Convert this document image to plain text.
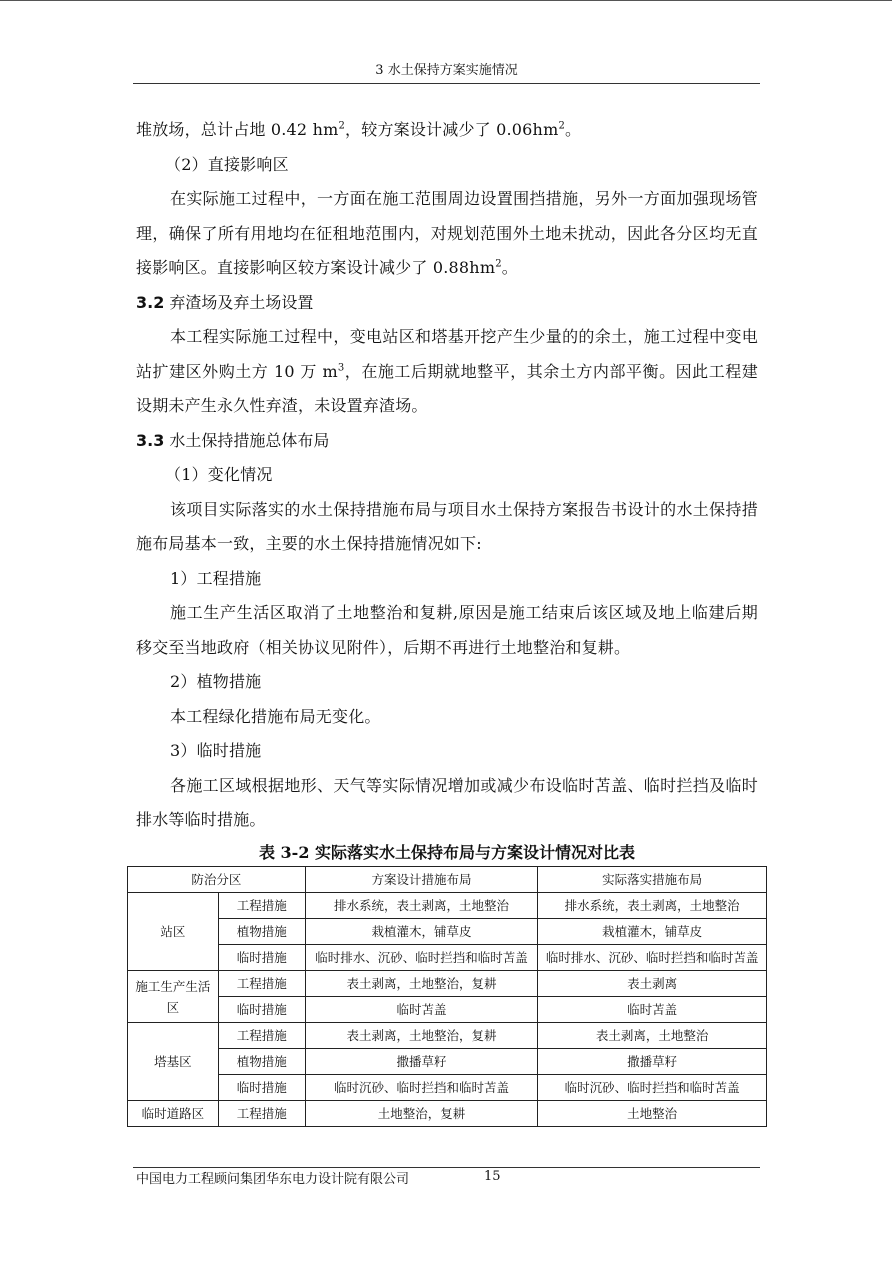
3 水土保持方案实施情况

堆放场，总计占地 0.42 $hm^2$，较方案设计减少了 $0.06hm^2$。

（2）直接影响区

在实际施工过程中，一方面在施工范围周边设置围挡措施，另外一方面加强现场管理，确保了所有用地均在征租地范围内，对规划范围外土地未扰动，因此各分区均无直接影响区。直接影响区较方案设计减少了 $0.88hm^2$。

3.2 弃渣场及弃土场设置

本工程实际施工过程中，变电站区和塔基开挖产生少量的的余土，施工过程中变电站扩建区外购土方 10 万 $m^3$，在施工后期就地整平，其余土方内部平衡。因此工程建设期未产生永久性弃渣，未设置弃渣场。

3.3 水土保持措施总体布局

（1）变化情况

该项目实际落实的水土保持措施布局与项目水土保持方案报告书设计的水土保持措施布局基本一致，主要的水土保持措施情况如下:

1）工程措施

施工生产生活区取消了土地整治和复耕,原因是施工结束后该区域及地上临建后期移交至当地政府（相关协议见附件），后期不再进行土地整治和复耕。

2）植物措施

本工程绿化措施布局无变化。

3）临时措施

各施工区域根据地形、天气等实际情况增加或减少布设临时苫盖、临时拦挡及临时排水等临时措施。

表 3-2 实际落实水土保持布局与方案设计情况对比表

防治分区		方案设计措施布局	实际落实措施布局
站区	工程措施	排水系统，表土剥离，土地整治	排水系统，表土剥离，土地整治
	植物措施	栽植灌木，铺草皮	栽植灌木，铺草皮
	临时措施	临时排水、沉砂、临时拦挡和临时苫盖	临时排水、沉砂、临时拦挡和临时苫盖
施工生产生活区	工程措施	表土剥离，土地整治，复耕	表土剥离
	临时措施	临时苫盖	临时苫盖
塔基区	工程措施	表土剥离，土地整治，复耕	表土剥离，土地整治
	植物措施	撒播草籽	撒播草籽
	临时措施	临时沉砂、临时拦挡和临时苫盖	临时沉砂、临时拦挡和临时苫盖
临时道路区	工程措施	土地整治，复耕	土地整治
中国电力工程顾问集团华东电力设计院有限公司	15
